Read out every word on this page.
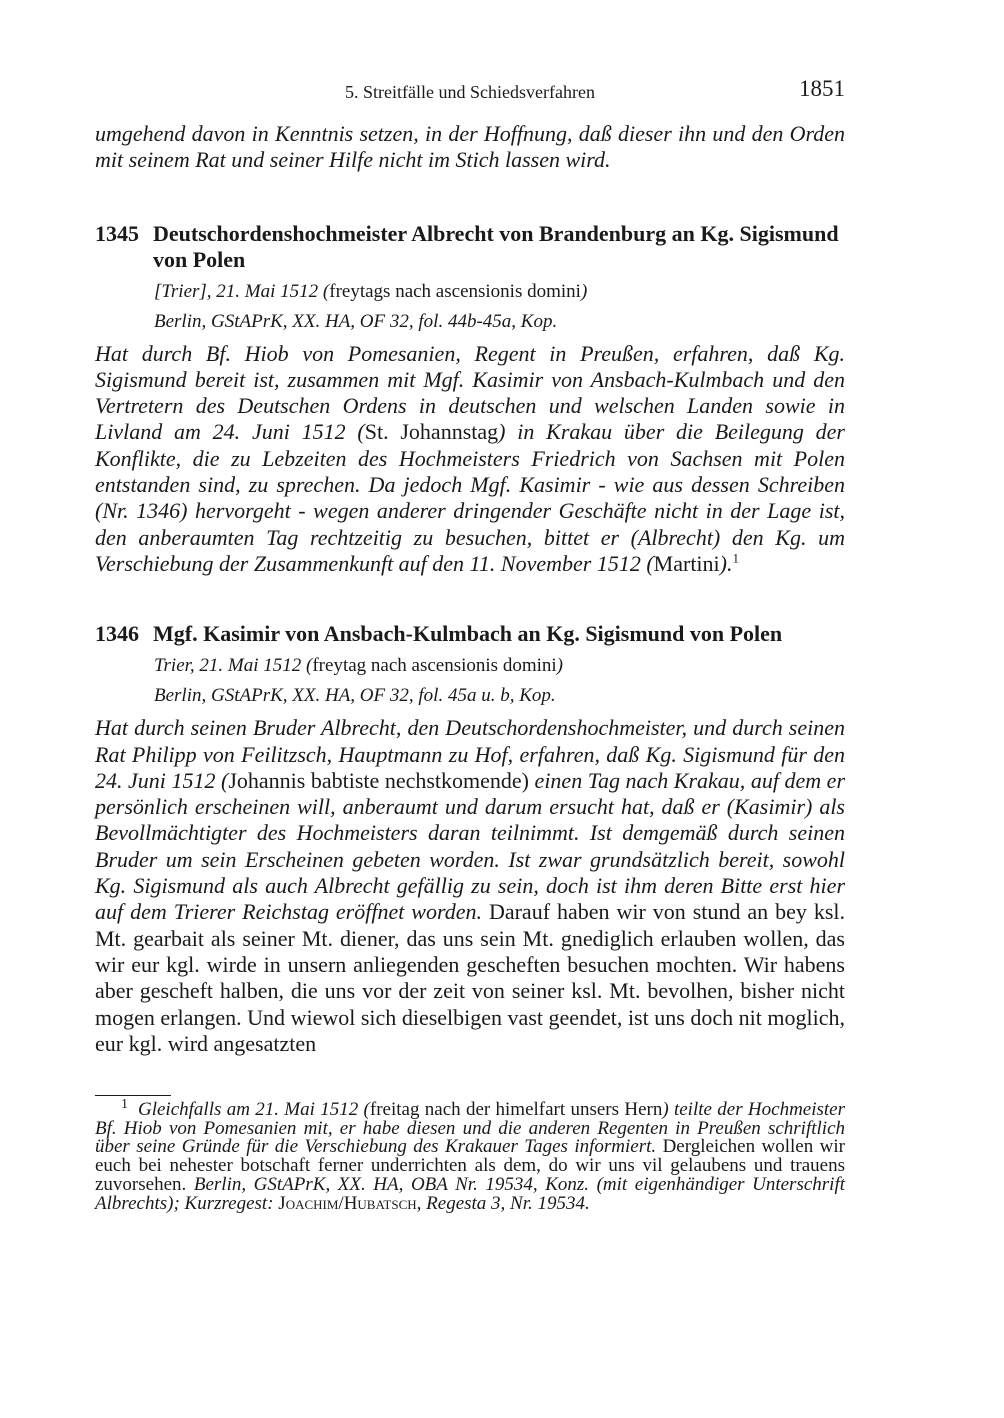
5. Streitfälle und Schiedsverfahren	1851

umgehend davon in Kenntnis setzen, in der Hoffnung, daß dieser ihn und den Orden mit seinem Rat und seiner Hilfe nicht im Stich lassen wird.

1345 Deutschordenshochmeister Albrecht von Brandenburg an Kg. Sigismund von Polen
[Trier], 21. Mai 1512 (freytags nach ascensionis domini)
Berlin, GStAPrK, XX. HA, OF 32, fol. 44b-45a, Kop.

Hat durch Bf. Hiob von Pomesanien, Regent in Preußen, erfahren, daß Kg. Sigismund bereit ist, zusammen mit Mgf. Kasimir von Ansbach-Kulmbach und den Vertretern des Deutschen Ordens in deutschen und welschen Landen sowie in Livland am 24. Juni 1512 (St. Johannstag) in Krakau über die Beilegung der Konflikte, die zu Lebzeiten des Hochmeisters Friedrich von Sachsen mit Polen entstanden sind, zu sprechen. Da jedoch Mgf. Kasimir - wie aus dessen Schreiben (Nr. 1346) hervorgeht - wegen anderer dringender Geschäfte nicht in der Lage ist, den anberaumten Tag rechtzeitig zu besuchen, bittet er (Albrecht) den Kg. um Verschiebung der Zusammenkunft auf den 11. November 1512 (Martini).$^1$

1346 Mgf. Kasimir von Ansbach-Kulmbach an Kg. Sigismund von Polen
Trier, 21. Mai 1512 (freytag nach ascensionis domini)
Berlin, GStAPrK, XX. HA, OF 32, fol. 45a u. b, Kop.

Hat durch seinen Bruder Albrecht, den Deutschordenshochmeister, und durch seinen Rat Philipp von Feilitzsch, Hauptmann zu Hof, erfahren, daß Kg. Sigismund für den 24. Juni 1512 (Johannis babtiste nechstkomende) einen Tag nach Krakau, auf dem er persönlich erscheinen will, anberaumt und darum ersucht hat, daß er (Kasimir) als Bevollmächtigter des Hochmeisters daran teilnimmt. Ist demgemäß durch seinen Bruder um sein Erscheinen gebeten worden. Ist zwar grundsätzlich bereit, sowohl Kg. Sigismund als auch Albrecht gefällig zu sein, doch ist ihm deren Bitte erst hier auf dem Trierer Reichstag eröffnet worden. Darauf haben wir von stund an bey ksl. Mt. gearbait als seiner Mt. diener, das uns sein Mt. gnediglich erlauben wollen, das wir eur kgl. wirde in unsern anliegenden gescheften besuchen mochten. Wir habens aber gescheft halben, die uns vor der zeit von seiner ksl. Mt. bevolhen, bisher nicht mogen erlangen. Und wiewol sich dieselbigen vast geendet, ist uns doch nit moglich, eur kgl. wird angesatzten

$^1$ Gleichfalls am 21. Mai 1512 (freitag nach der himelfart unsers Hern) teilte der Hochmeister Bf. Hiob von Pomesanien mit, er habe diesen und die anderen Regenten in Preußen schriftlich über seine Gründe für die Verschiebung des Krakauer Tages informiert. Dergleichen wollen wir euch bei nehester botschaft ferner underrichten als dem, do wir uns vil gelaubens und trauens zuvorsehen. Berlin, GStAPrK, XX. HA, OBA Nr. 19534, Konz. (mit eigenhändiger Unterschrift Albrechts); Kurzregest: Joachim/Hubatsch, Regesta 3, Nr. 19534.
